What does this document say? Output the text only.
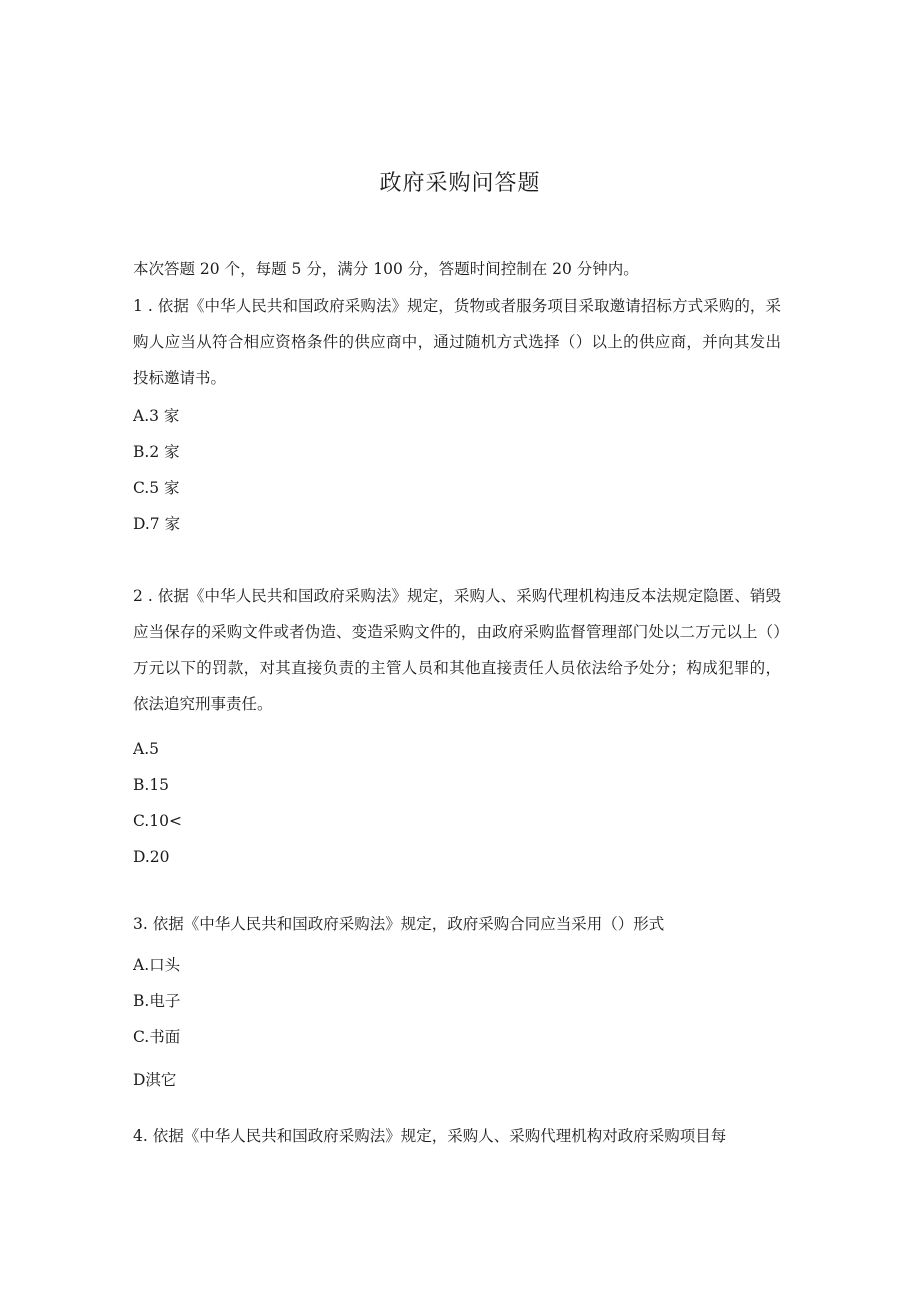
政府采购问答题
本次答题 20 个，每题 5 分，满分 100 分，答题时间控制在 20 分钟内。
1 . 依据《中华人民共和国政府采购法》规定，货物或者服务项目采取邀请招标方式采购的，采购人应当从符合相应资格条件的供应商中，通过随机方式选择（）以上的供应商，并向其发出投标邀请书。
A.3 家
B.2 家
C.5 家
D.7 家
2 . 依据《中华人民共和国政府采购法》规定，采购人、采购代理机构违反本法规定隐匿、销毁应当保存的采购文件或者伪造、变造采购文件的，由政府采购监督管理部门处以二万元以上（）万元以下的罚款，对其直接负责的主管人员和其他直接责任人员依法给予处分；构成犯罪的，依法追究刑事责任。
A.5
B.15
C.10<
D.20
3. 依据《中华人民共和国政府采购法》规定，政府采购合同应当采用（）形式
A.口头
B.电子
C.书面
D淇它
4. 依据《中华人民共和国政府采购法》规定，采购人、采购代理机构对政府采购项目每
